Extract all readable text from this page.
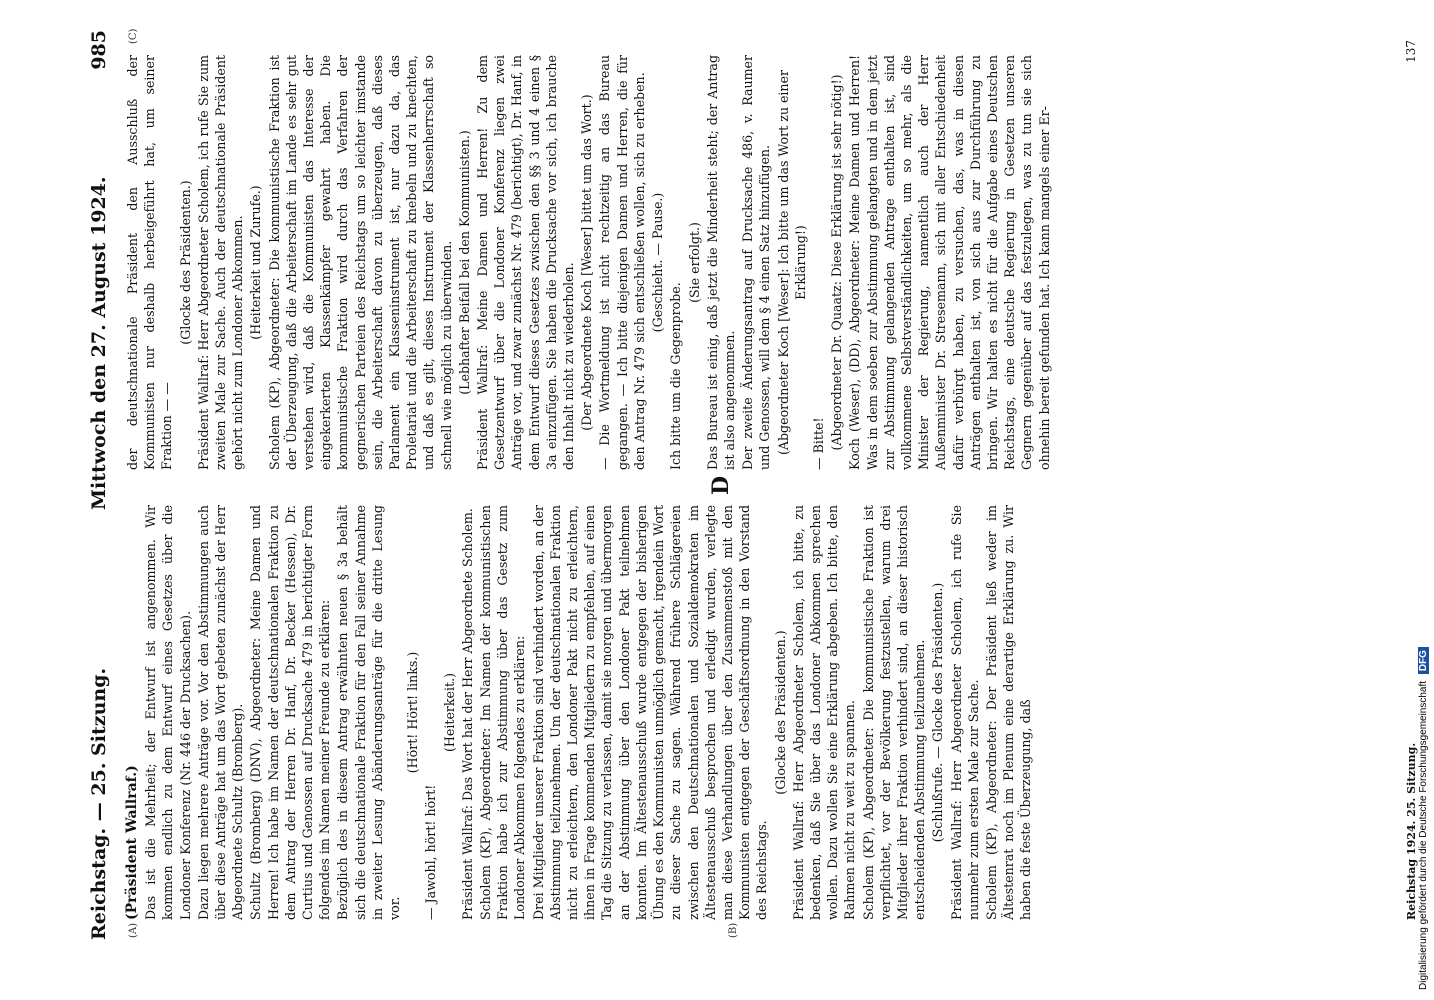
Reichstag. — 25. Sitzung.
Mittwoch den 27. August 1924.
985
(A)	(B)
(C)
D

(Präsident Wallraf.) Das ist die Mehrheit; der Entwurf ist angenommen. Wir kommen endlich zu dem Entwurf eines Gesetzes über die Londoner Konferenz (Nr. 446 der Drucksachen). Dazu liegen mehrere Anträge vor. Vor den Abstimmungen auch über diese Anträge hat um das Wort gebeten zunächst der Herr Abgeordnete Schultz (Bromberg). Schultz (Bromberg) (DNV), Abgeordneter: Meine Damen und Herren! Ich habe im Namen der deutschnationalen Fraktion zu dem Antrag der Herren Dr. Hanf, Dr. Becker (Hessen), Dr. Curtius und Genossen auf Drucksache 479 in berichtigter Form folgendes im Namen meiner Freunde zu erklären: Bezüglich des in diesem Antrag erwähnten neuen § 3a behält sich die deutschnationale Fraktion für den Fall seiner Annahme in zweiter Lesung Abänderungsanträge für die dritte Lesung vor.

(Hört! Hört! links.)

— Jawohl, hört! hört!

(Heiterkeit.) Präsident Wallraf: Das Wort hat der Herr Abgeordnete Scholem. Scholem (KP), Abgeordneter: Im Namen der kommunistischen Fraktion habe ich zur Abstimmung über das Gesetz zum Londoner Abkommen folgendes zu erklären: Drei Mitglieder unserer Fraktion sind verhindert worden, an der Abstimmung teilzunehmen. Um der deutschnationalen Fraktion nicht zu erleichtern, den Londoner Pakt nicht zu erleichtern, ihnen in Frage kommenden Mitgliedern zu empfehlen, auf einen Tag die Sitzung zu verlassen, damit sie morgen und übermorgen an der Abstimmung über den Londoner Pakt teilnehmen konnten. Im Ältestenausschuß wurde entgegen der bisherigen Übung es den Kommunisten unmöglich gemacht, irgendein Wort zu dieser Sache zu sagen. Während frühere Schlägereien zwischen den Deutschnationalen und Sozialdemokraten im Ältestenausschuß besprochen und erledigt wurden, verlegte man diese Verhandlungen über den Zusammenstoß mit den Kommunisten entgegen der Geschäftsordnung in den Vorstand des Reichstags.

(Glocke des Präsidenten.) Präsident Wallraf: Herr Abgeordneter Scholem, ich bitte, zu bedenken, daß Sie über das Londoner Abkommen sprechen wollen. Dazu wollen Sie eine Erklärung abgeben. Ich bitte, den Rahmen nicht zu weit zu spannen. Scholem (KP), Abgeordneter: Die kommunistische Fraktion ist verpflichtet, vor der Bevölkerung festzustellen, warum drei Mitglieder ihrer Fraktion verhindert sind, an dieser historisch entscheidenden Abstimmung teilzunehmen. (Schlußrufe. — Glocke des Präsidenten.) Präsident Wallraf: Herr Abgeordneter Scholem, ich rufe Sie nunmehr zum ersten Male zur Sache. Scholem (KP), Abgeordneter: Der Präsident ließ weder im Ältestenrat noch im Plenum eine derartige Erklärung zu. Wir haben die feste Überzeugung, daß

der deutschnationale Präsident den Ausschluß der Kommunisten nur deshalb herbeigeführt hat, um seiner Fraktion — —

(Glocke des Präsidenten.) Präsident Wallraf: Herr Abgeordneter Scholem, ich rufe Sie zum zweiten Male zur Sache. Auch der deutschnationale Präsident gehört nicht zum Londoner Abkommen. (Heiterkeit und Zurufe.) Scholem (KP), Abgeordneter: Die kommunistische Fraktion ist der Überzeugung, daß die Arbeiterschaft im Lande es sehr gut verstehen wird, daß die Kommunisten das Interesse der eingekerkerten Klassenkämpfer gewahrt haben. Die kommunistische Fraktion wird durch das Verfahren der gegnerischen Parteien des Reichstags um so leichter imstande sein, die Arbeiterschaft davon zu überzeugen, daß dieses Parlament ein Klasseninstrument ist, nur dazu da, das Proletariat und die Arbeiterschaft zu knebeln und zu knechten, und daß es gilt, dieses Instrument der Klassenherrschaft so schnell wie möglich zu überwinden. (Lebhafter Beifall bei den Kommunisten.) Präsident Wallraf: Meine Damen und Herren! Zu dem Gesetzentwurf über die Londoner Konferenz liegen zwei Anträge vor, und zwar zunächst Nr. 479 (berichtigt), Dr. Hanf, in dem Entwurf dieses Gesetzes zwischen den §§ 3 und 4 einen § 3a einzufügen. Sie haben die Drucksache vor sich, ich brauche den Inhalt nicht zu wiederholen. (Der Abgeordnete Koch [Weser] bittet um das Wort.) — Die Wortmeldung ist nicht rechtzeitig an das Bureau gegangen. — Ich bitte diejenigen Damen und Herren, die für den Antrag Nr. 479 sich entschließen wollen, sich zu erheben. (Geschieht. — Pause.)

Ich bitte um die Gegenprobe.

(Sie erfolgt.) Das Bureau ist einig, daß jetzt die Minderheit steht; der Antrag ist also angenommen. Der zweite Änderungsantrag auf Drucksache 486, v. Raumer und Genossen, will dem § 4 einen Satz hinzufügen. (Abgeordneter Koch [Weser]: Ich bitte um das Wort zu einer Erklärung!)

— Bitte! (Abgeordneter Dr. Quaatz: Diese Erklärung ist sehr nötig!) Koch (Weser), (DD), Abgeordneter: Meine Damen und Herren! Was in dem soeben zur Abstimmung gelangten und in dem jetzt zur Abstimmung gelangenden Antrage enthalten ist, sind vollkommene Selbstverständlichkeiten, um so mehr, als die Minister der Regierung, namentlich auch der Herr Außenminister Dr. Stresemann, sich mit aller Entschiedenheit dafür verbürgt haben, zu versuchen, das, was in diesen Anträgen enthalten ist, von sich aus zur Durchführung zu bringen. Wir halten es nicht für die Aufgabe eines Deutschen Reichstags, eine deutsche Regierung in Gesetzen unseren Gegnern gegenüber auf das festzulegen, was zu tun sie sich ohnehin bereit gefunden hat. Ich kann mangels einer Er-

Reichstag 1924. 25. Sitzung.
137
Digitalisierung gefördert durch die Deutsche Forschungsgemeinschaft DFG
